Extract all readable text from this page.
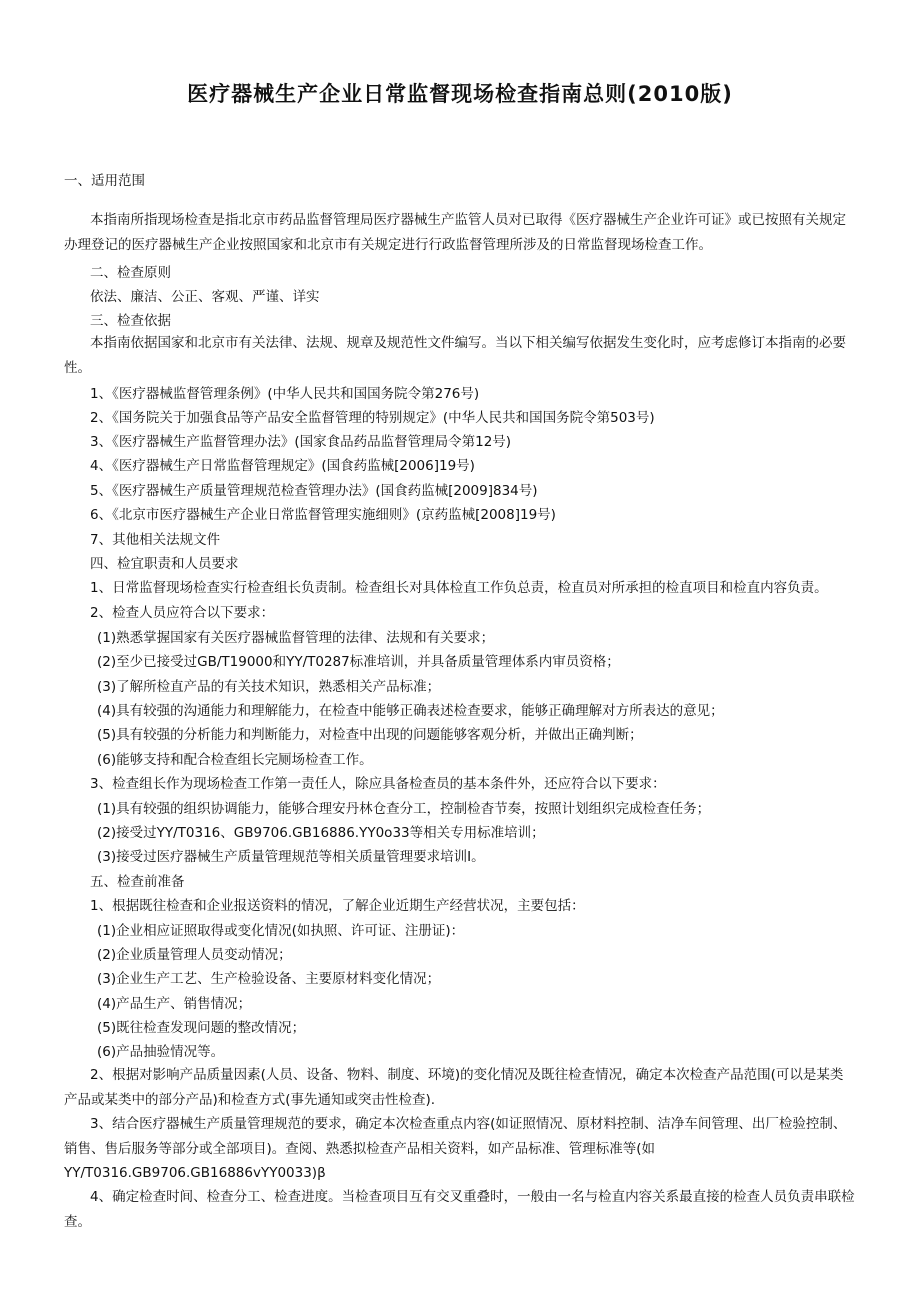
医疗器械生产企业日常监督现场检查指南总则(2010版)

一、适用范围

本指南所指现场检查是指北京市药品监督管理局医疗器械生产监管人员对已取得《医疗器械生产企业许可证》或已按照有关规定办理登记的医疗器械生产企业按照国家和北京市有关规定进行行政监督管理所涉及的日常监督现场检查工作。

二、检查原则

依法、廉洁、公正、客观、严谨、详实

三、检查依据

本指南依据国家和北京市有关法律、法规、规章及规范性文件编写。当以下相关编写依据发生变化时，应考虑修订本指南的必要性。

1、《医疗器械监督管理条例》(中华人民共和国国务院令第276号)

2、《国务院关于加强食品等产品安全监督管理的特别规定》(中华人民共和国国务院令第503号)

3、《医疗器械生产监督管理办法》(国家食品药品监督管理局令第12号)

4、《医疗器械生产日常监督管理规定》(国食药监械[2006]19号)

5、《医疗器械生产质量管理规范检查管理办法》(国食药监械[2009]834号)

6、《北京市医疗器械生产企业日常监督管理实施细则》(京药监械[2008]19号)

7、其他相关法规文件

四、检宜职责和人员要求

1、日常监督现场检查实行检查组长负责制。检查组长对具体检直工作负总责，检直员对所承担的检直项目和检直内容负责。

2、检查人员应符合以下要求：

(1)熟悉掌握国家有关医疗器械监督管理的法律、法规和有关要求；

(2)至少已接受过GB/T19000和YY/T0287标准培训，并具备质量管理体系内审员资格；

(3)了解所检直产品的有关技术知识，熟悉相关产品标准；

(4)具有较强的沟通能力和理解能力，在检查中能够正确表述检查要求，能够正确理解对方所表达的意见；

(5)具有较强的分析能力和判断能力，对检查中出现的问题能够客观分析，并做出正确判断；

(6)能够支持和配合检查组长完厕场检查工作。

3、检查组长作为现场检查工作第一责任人，除应具备检查员的基本条件外，还应符合以下要求：

(1)具有较强的组织协调能力，能够合理安丹林仓查分工，控制检杳节奏，按照计划组织完成检查任务；

(2)接受过YY/T0316、GB9706.GB16886.YY0o33等相关专用标准培训；

(3)接受过医疗器械生产质量管理规范等相关质量管理要求培训Ⅰ。

五、检查前准备

1、根据既往检查和企业报送资料的情况，了解企业近期生产经营状况，主要包括：

(1)企业相应证照取得或变化情况(如执照、许可证、注册证)：

(2)企业质量管理人员变动情况；

(3)企业生产工艺、生产检验设备、主要原材料变化情况；

(4)产品生产、销售情况；

(5)既往检查发现问题的整改情况；

(6)产品抽验情况等。

2、根据对影响产品质量因素(人员、设备、物料、制度、环境)的变化情况及既往检查情况，确定本次检查产品范围(可以是某类产品或某类中的部分产品)和检查方式(事先通知或突击性检查).

3、结合医疗器械生产质量管理规范的要求，确定本次检查重点内容(如证照情况、原材料控制、洁净车间管理、出厂检验控制、销售、售后服务等部分或全部项目)。查阅、熟悉拟检查产品相关资料，如产品标准、管理标准等(如YY/T0316.GB9706.GB16886vYY0033)β

4、确定检查时间、检查分工、检查进度。当检查项目互有交叉重叠时，一般由一名与检直内容关系最直接的检查人员负责串联检查。
